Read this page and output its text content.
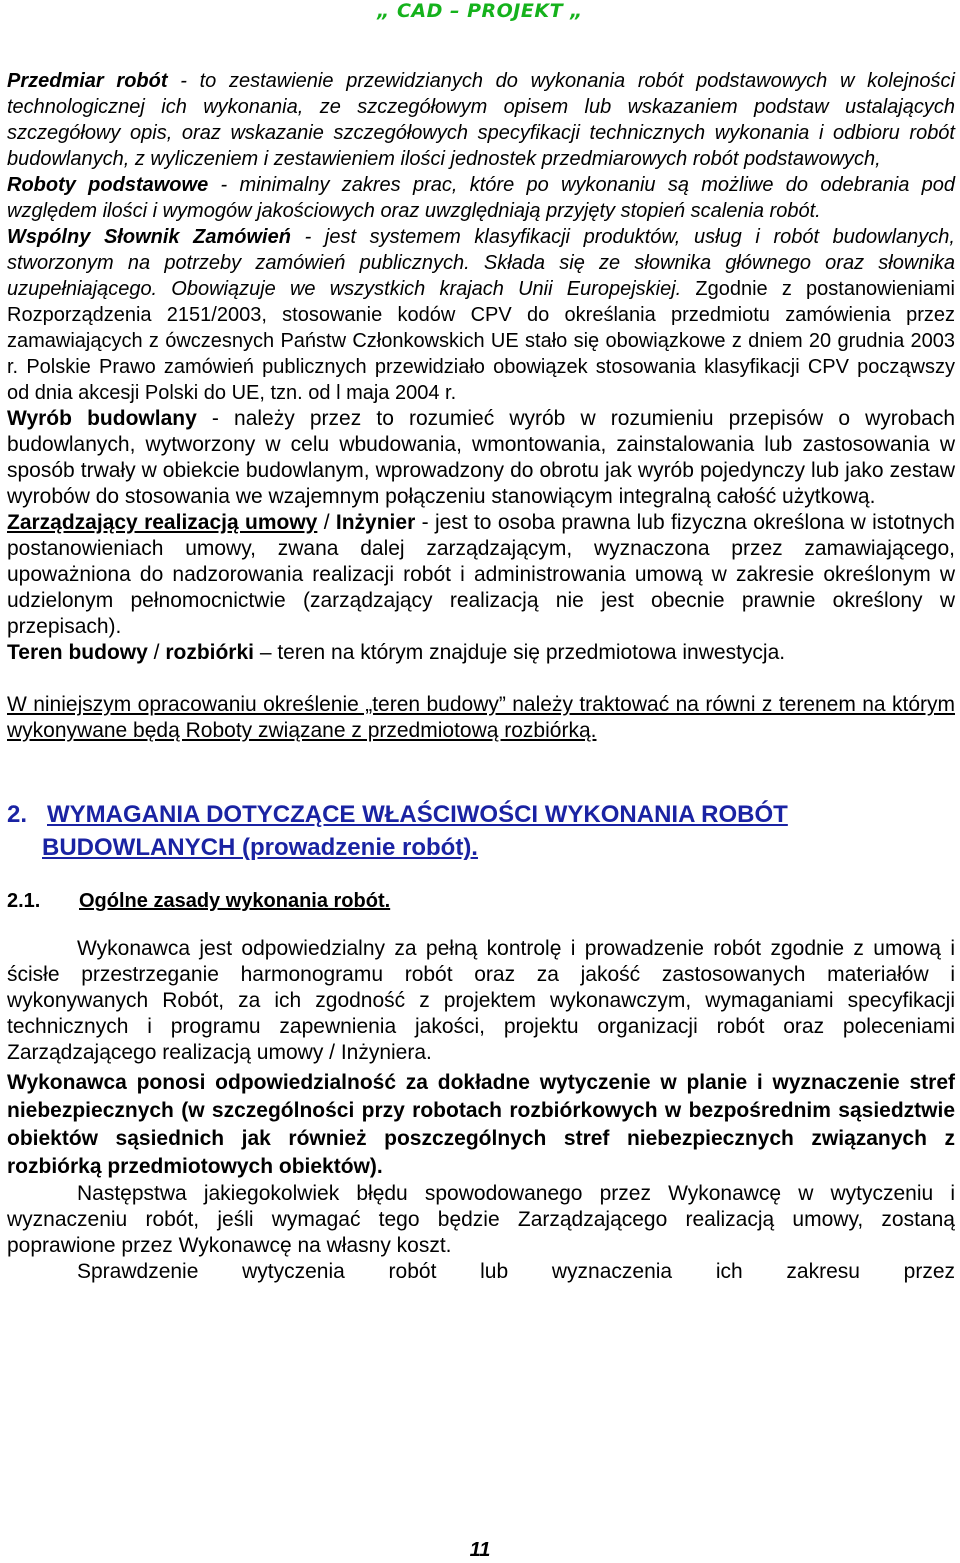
„ CAD – PROJEKT „

Przedmiar robót - to zestawienie przewidzianych do wykonania robót podstawowych w kolejności technologicznej ich wykonania, ze szczegółowym opisem lub wskazaniem podstaw ustalających szczegółowy opis, oraz wskazanie szczegółowych specyfikacji technicznych wykonania i odbioru robót budowlanych, z wyliczeniem i zestawieniem ilości jednostek przedmiarowych robót podstawowych,

Roboty podstawowe - minimalny zakres prac, które po wykonaniu są możliwe do odebrania pod względem ilości i wymogów jakościowych oraz uwzględniają przyjęty stopień scalenia robót.

Wspólny Słownik Zamówień - jest systemem klasyfikacji produktów, usług i robót budowlanych, stworzonym na potrzeby zamówień publicznych. Składa się ze słownika głównego oraz słownika uzupełniającego. Obowiązuje we wszystkich krajach Unii Europejskiej. Zgodnie z postanowieniami Rozporządzenia 2151/2003, stosowanie kodów CPV do określania przedmiotu zamówienia przez zamawiających z ówczesnych Państw Członkowskich UE stało się obowiązkowe z dniem 20 grudnia 2003 r. Polskie Prawo zamówień publicznych przewidziało obowiązek stosowania klasyfikacji CPV począwszy od dnia akcesji Polski do UE, tzn. od l maja 2004 r.

Wyrób budowlany - należy przez to rozumieć wyrób w rozumieniu przepisów o wyrobach budowlanych, wytworzony w celu wbudowania, wmontowania, zainstalowania lub zastosowania w sposób trwały w obiekcie budowlanym, wprowadzony do obrotu jak wyrób pojedynczy lub jako zestaw wyrobów do stosowania we wzajemnym połączeniu stanowiącym integralną całość użytkową.

Zarządzający realizacją umowy / Inżynier - jest to osoba prawna lub fizyczna określona w istotnych postanowieniach umowy, zwana dalej zarządzającym, wyznaczona przez zamawiającego, upoważniona do nadzorowania realizacji robót i administrowania umową w zakresie określonym w udzielonym pełnomocnictwie (zarządzający realizacją nie jest obecnie prawnie określony w przepisach).

Teren budowy / rozbiórki – teren na którym znajduje się przedmiotowa inwestycja.

W niniejszym opracowaniu określenie „teren budowy” należy traktować na równi z terenem na którym wykonywane będą Roboty związane z przedmiotową rozbiórką.

2. WYMAGANIA DOTYCZĄCE WŁAŚCIWOŚCI WYKONANIA ROBÓT
BUDOWLANYCH (prowadzenie robót).

2.1. Ogólne zasady wykonania robót.

Wykonawca jest odpowiedzialny za pełną kontrolę i prowadzenie robót zgodnie z umową i ścisłe przestrzeganie harmonogramu robót oraz za jakość zastosowanych materiałów i wykonywanych Robót, za ich zgodność z projektem wykonawczym, wymaganiami specyfikacji technicznych i programu zapewnienia jakości, projektu organizacji robót oraz poleceniami Zarządzającego realizacją umowy / Inżyniera.

Wykonawca ponosi odpowiedzialność za dokładne wytyczenie w planie i wyznaczenie stref niebezpiecznych (w szczególności przy robotach rozbiórkowych w bezpośrednim sąsiedztwie obiektów sąsiednich jak również poszczególnych stref niebezpiecznych związanych z rozbiórką przedmiotowych obiektów).

Następstwa jakiegokolwiek błędu spowodowanego przez Wykonawcę w wytyczeniu i wyznaczeniu robót, jeśli wymagać tego będzie Zarządzającego realizacją umowy, zostaną poprawione przez Wykonawcę na własny koszt.

Sprawdzenie wytyczenia robót lub wyznaczenia ich zakresu przez

11
